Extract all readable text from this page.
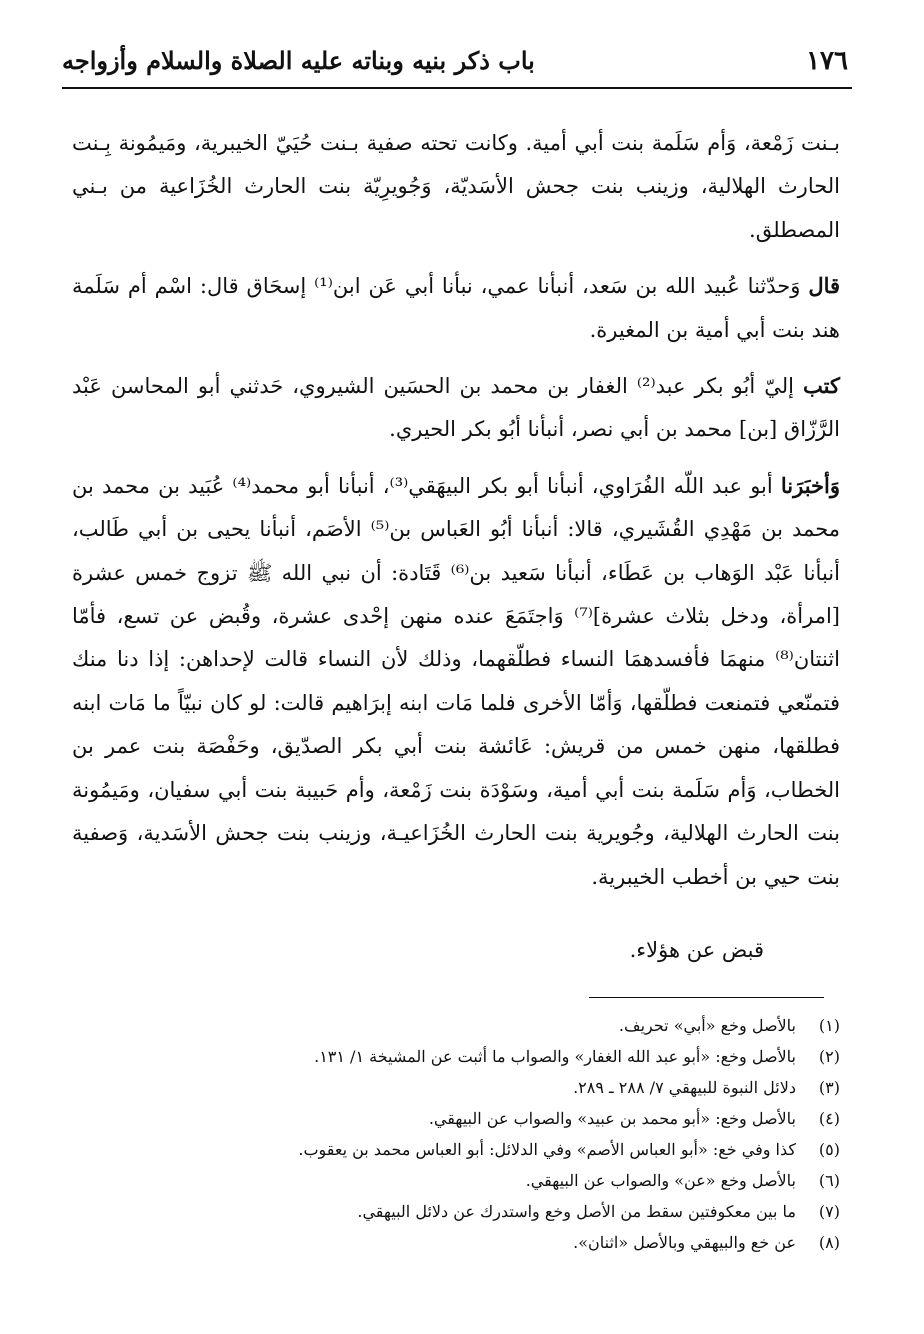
١٧٦
باب ذكر بنيه وبناته عليه الصلاة والسلام وأزواجه

بـنت زَمْعة، وَأم سَلَمة بنت أبي أمية. وكانت تحته صفية بـنت حُيَيّ الخيبرية، ومَيمُونة بِـنت الحارث الهلالية، وزينب بنت جحش الأسَديّة، وَجُويرِيّة بنت الحارث الخُزَاعية من بـني المصطلق.

قال وَحدّثنا عُبيد الله بن سَعد، أنبأنا عمي، نبأنا أبي عَن ابن⁽¹⁾ إسحَاق قال: اسْم أم سَلَمة هند بنت أبي أمية بن المغيرة.

كتب إليّ أبُو بكر عبد⁽²⁾ الغفار بن محمد بن الحسَين الشيروي، حَدثني أبو المحاسن عَبْد الرَّزّاق [بن] محمد بن أبي نصر، أنبأنا أبُو بكر الحيري.

وَأخبَرَنا أبو عبد اللّه الفُرَاوي، أنبأنا أبو بكر البيهَقي⁽³⁾، أنبأنا أبو محمد⁽⁴⁾ عُبَيد بن محمد بن محمد بن مَهْدِي القُشَيري، قالا: أنبأنا أبُو العَباس بن⁽⁵⁾ الأصَم، أنبأنا يحيى بن أبي طَالب، أنبأنا عَبْد الوَهاب بن عَطَاء، أنبأنا سَعيد بن⁽⁶⁾ قَتَادة: أن نبي الله ﷺ تزوج خمس عشرة [امرأة، ودخل بثلاث عشرة]⁽⁷⁾ وَاجتَمَعَ عنده منهن إحْدى عشرة، وقُبض عن تسع، فأمّا اثنتان⁽⁸⁾ منهمَا فأفسدهمَا النساء فطلّقهما، وذلك لأن النساء قالت لإحداهن: إذا دنا منك فتمنّعي فتمنعت فطلّقها، وَأمّا الأخرى فلما مَات ابنه إبرَاهيم قالت: لو كان نبيّاً ما مَات ابنه فطلقها، منهن خمس من قريش: عَائشة بنت أبي بكر الصدّيق، وحَفْصَة بنت عمر بن الخطاب، وَأم سَلَمة بنت أبي أمية، وسَوْدَة بنت زَمْعة، وأم حَبيبة بنت أبي سفيان، ومَيمُونة بنت الحارث الهلالية، وجُويرية بنت الحارث الخُزَاعيـة، وزينب بنت جحش الأسَدية، وَصفية بنت حيي بن أخطب الخيبرية.

قبض عن هؤلاء.
(١)
بالأصل وخع «أبي» تحريف.
(٢)
بالأصل وخع: «أبو عبد الله الغفار» والصواب ما أثبت عن المشيخة ١/ ١٣١.
(٣)
دلائل النبوة للبيهقي ٧/ ٢٨٨ ـ ٢٨٩.
(٤)
بالأصل وخع: «أبو محمد بن عبيد» والصواب عن البيهقي.
(٥)
كذا وفي خع: «أبو العباس الأصم» وفي الدلائل: أبو العباس محمد بن يعقوب.
(٦)
بالأصل وخع «عن» والصواب عن البيهقي.
(٧)
ما بين معكوفتين سقط من الأصل وخع واستدرك عن دلائل البيهقي.
(٨)
عن خع والبيهقي وبالأصل «اثنان».
